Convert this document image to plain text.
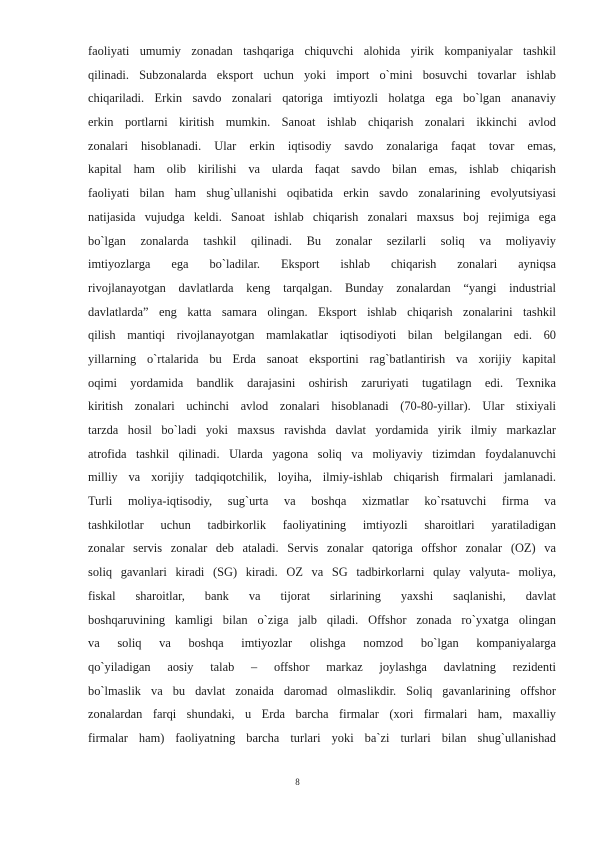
faoliyati umumiy zonadan tashqariga chiquvchi alohida yirik kompaniyalar tashkil
qilinadi. Subzonalarda eksport uchun yoki import o`mini bosuvchi tovarlar ishlab
chiqariladi. Erkin savdo zonalari qatoriga imtiyozli holatga ega bo`lgan ananaviy
erkin portlarni kiritish mumkin. Sanoat ishlab chiqarish zonalari ikkinchi avlod
zonalari hisoblanadi. Ular erkin iqtisodiy savdo zonalariga faqat tovar emas,
kapital ham olib kirilishi va ularda faqat savdo bilan emas, ishlab chiqarish
faoliyati bilan ham shug`ullanishi oqibatida erkin savdo zonalarining evolyutsiyasi
natijasida vujudga keldi. Sanoat ishlab chiqarish zonalari maxsus boj rejimiga ega
bo`lgan zonalarda tashkil qilinadi. Bu zonalar sezilarli soliq va moliyaviy
imtiyozlarga ega bo`ladilar. Eksport ishlab chiqarish zonalari ayniqsa
rivojlanayotgan davlatlarda keng tarqalgan. Bunday zonalardan “yangi industrial
davlatlarda” eng katta samara olingan. Eksport ishlab chiqarish zonalarini tashkil
qilish mantiqi rivojlanayotgan mamlakatlar iqtisodiyoti bilan belgilangan edi. 60
yillarning o`rtalarida bu Erda sanoat eksportini rag`batlantirish va xorijiy kapital
oqimi yordamida bandlik darajasini oshirish zaruriyati tugatilagn edi. Texnika
kiritish zonalari uchinchi avlod zonalari hisoblanadi (70-80-yillar). Ular stixiyali
tarzda hosil bo`ladi yoki maxsus ravishda davlat yordamida yirik ilmiy markazlar
atrofida tashkil qilinadi. Ularda yagona soliq va moliyaviy tizimdan foydalanuvchi
milliy va xorijiy tadqiqotchilik, loyiha, ilmiy-ishlab chiqarish firmalari jamlanadi.
Turli moliya-iqtisodiy, sug`urta va boshqa xizmatlar ko`rsatuvchi firma va
tashkilotlar uchun tadbirkorlik faoliyatining imtiyozli sharoitlari yaratiladigan
zonalar servis zonalar deb ataladi. Servis zonalar qatoriga offshor zonalar (OZ) va
soliq gavanlari kiradi (SG) kiradi. OZ va SG tadbirkorlarni qulay valyuta- moliya,
fiskal sharoitlar, bank va tijorat sirlarining yaxshi saqlanishi, davlat
boshqaruvining kamligi bilan o`ziga jalb qiladi. Offshor zonada ro`yxatga olingan
va soliq va boshqa imtiyozlar olishga nomzod bo`lgan kompaniyalarga
qo`yiladigan aosiy talab – offshor markaz joylashga davlatning rezidenti
bo`lmaslik va bu davlat zonaida daromad olmaslikdir. Soliq gavanlarining offshor
zonalardan farqi shundaki, u Erda barcha firmalar (xori firmalari ham, maxalliy
firmalar ham) faoliyatning barcha turlari yoki ba`zi turlari bilan shug`ullanishad
8
